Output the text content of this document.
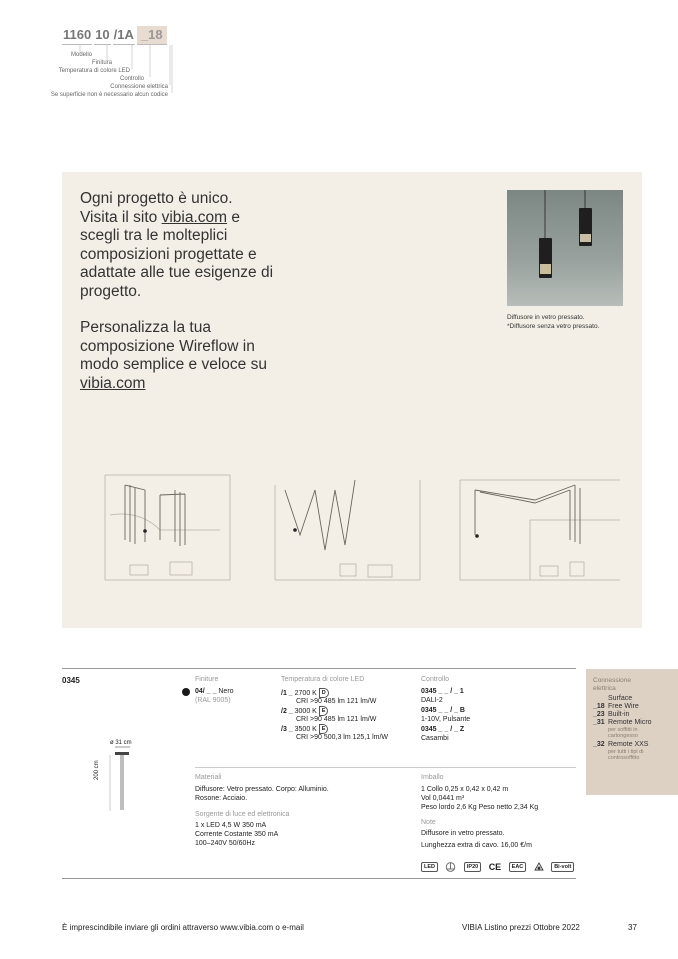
1160 10 /1A _18
Modello
Finitura
Temperatura di colore LED
Controllo
Connessione elettrica
Se superficie non è necessario alcun codice

Ogni progetto è unico.
Visita il sito vibia.com e scegli tra le molteplici composizioni progettate e adattate alle tue esigenze di progetto.

Personalizza la tua composizione Wireflow in modo semplice e veloce su vibia.com

Diffusore in vetro pressato.
*Diffusore senza vetro pressato.
0345
ø 31 cm
200 cm
Finiture
04/ _ _ Nero
(RAL 9005)
Temperatura di colore LED
/1 _ 2700 K D
CRI >90 485 lm 121 lm/W
/2 _ 3000 K E
CRI >90 485 lm 121 lm/W
/3 _ 3500 K E
CRI >90 500,3 lm 125,1 lm/W
Controllo
0345 _ _ / _ 1
DALI-2
0345 _ _ / _ B
1-10V, Pulsante
0345 _ _ / _ Z
Casambi
Connessione
elettrica
Surface
_18 Free Wire
_23 Built-in
_31 Remote Micro
per soffitti in cartongesso
_32 Remote XXS
per tutti i tipi di controsoffitto
Materiali
Diffusore: Vetro pressato. Corpo: Alluminio.
Rosone: Acciaio.
Sorgente di luce ed elettronica
1 x LED 4,5 W 350 mA
Corrente Costante 350 mA
100–240V 50/60Hz
Imballo
1 Collo 0,25 x 0,42 x 0,42 m
Vol 0,0441 m³
Peso lordo 2,6 Kg Peso netto 2,34 Kg
Note
Diffusore in vetro pressato.
Lunghezza extra di cavo. 16,00 €/m
LED	IP20 CE EAC	Bi-volt
È imprescindibile inviare gli ordini attraverso www.vibia.com o e-mail	VIBIA Listino prezzi Ottobre 2022	37
